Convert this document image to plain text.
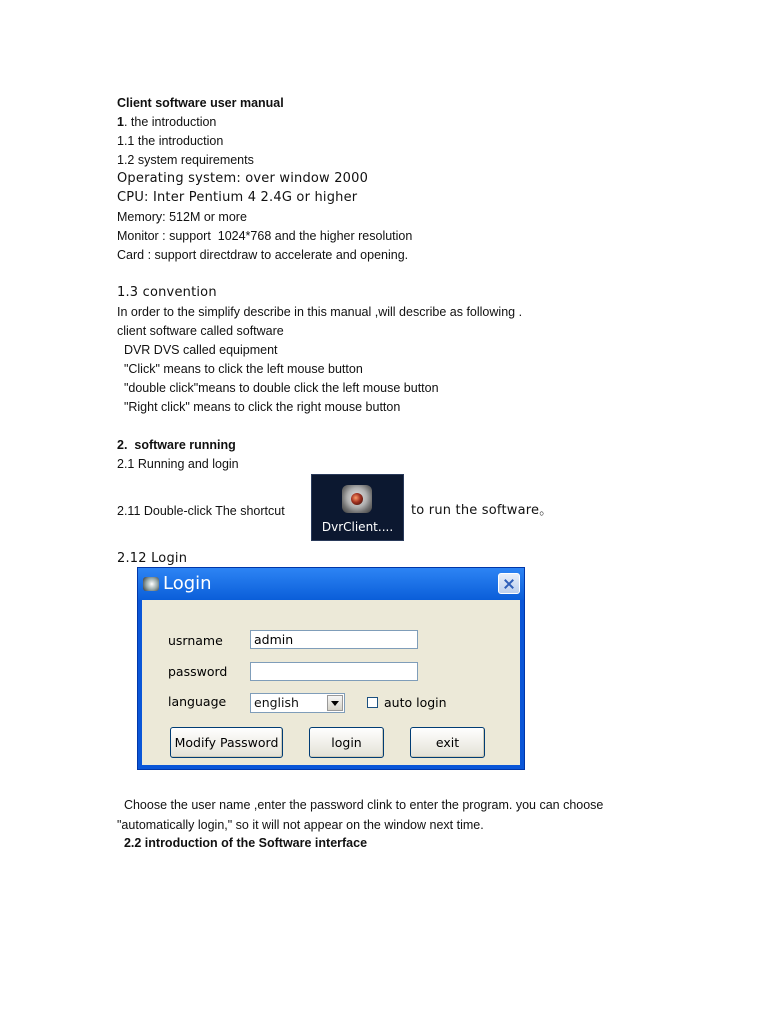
Client software user manual
1. the introduction
1.1 the introduction
1.2 system requirements
Operating system: over window 2000
CPU: Inter Pentium 4 2.4G or higher
Memory: 512M or more
Monitor : support  1024*768 and the higher resolution
Card : support directdraw to accelerate and opening.
1.3 convention
In order to the simplify describe in this manual ,will describe as following .
client software called software
DVR DVS called equipment
"Click" means to click the left mouse button
"double click"means to double click the left mouse button
"Right click" means to click the right mouse button
2.  software running
2.1 Running and login
2.11 Double-click The shortcut
DvrClient....
to run the software。
2.12 Login
Login
usrname	admin
password
language english	auto login
Modify Password	login	exit
Choose the user name ,enter the password clink to enter the program. you can choose
"automatically login," so it will not appear on the window next time.
2.2 introduction of the Software interface
